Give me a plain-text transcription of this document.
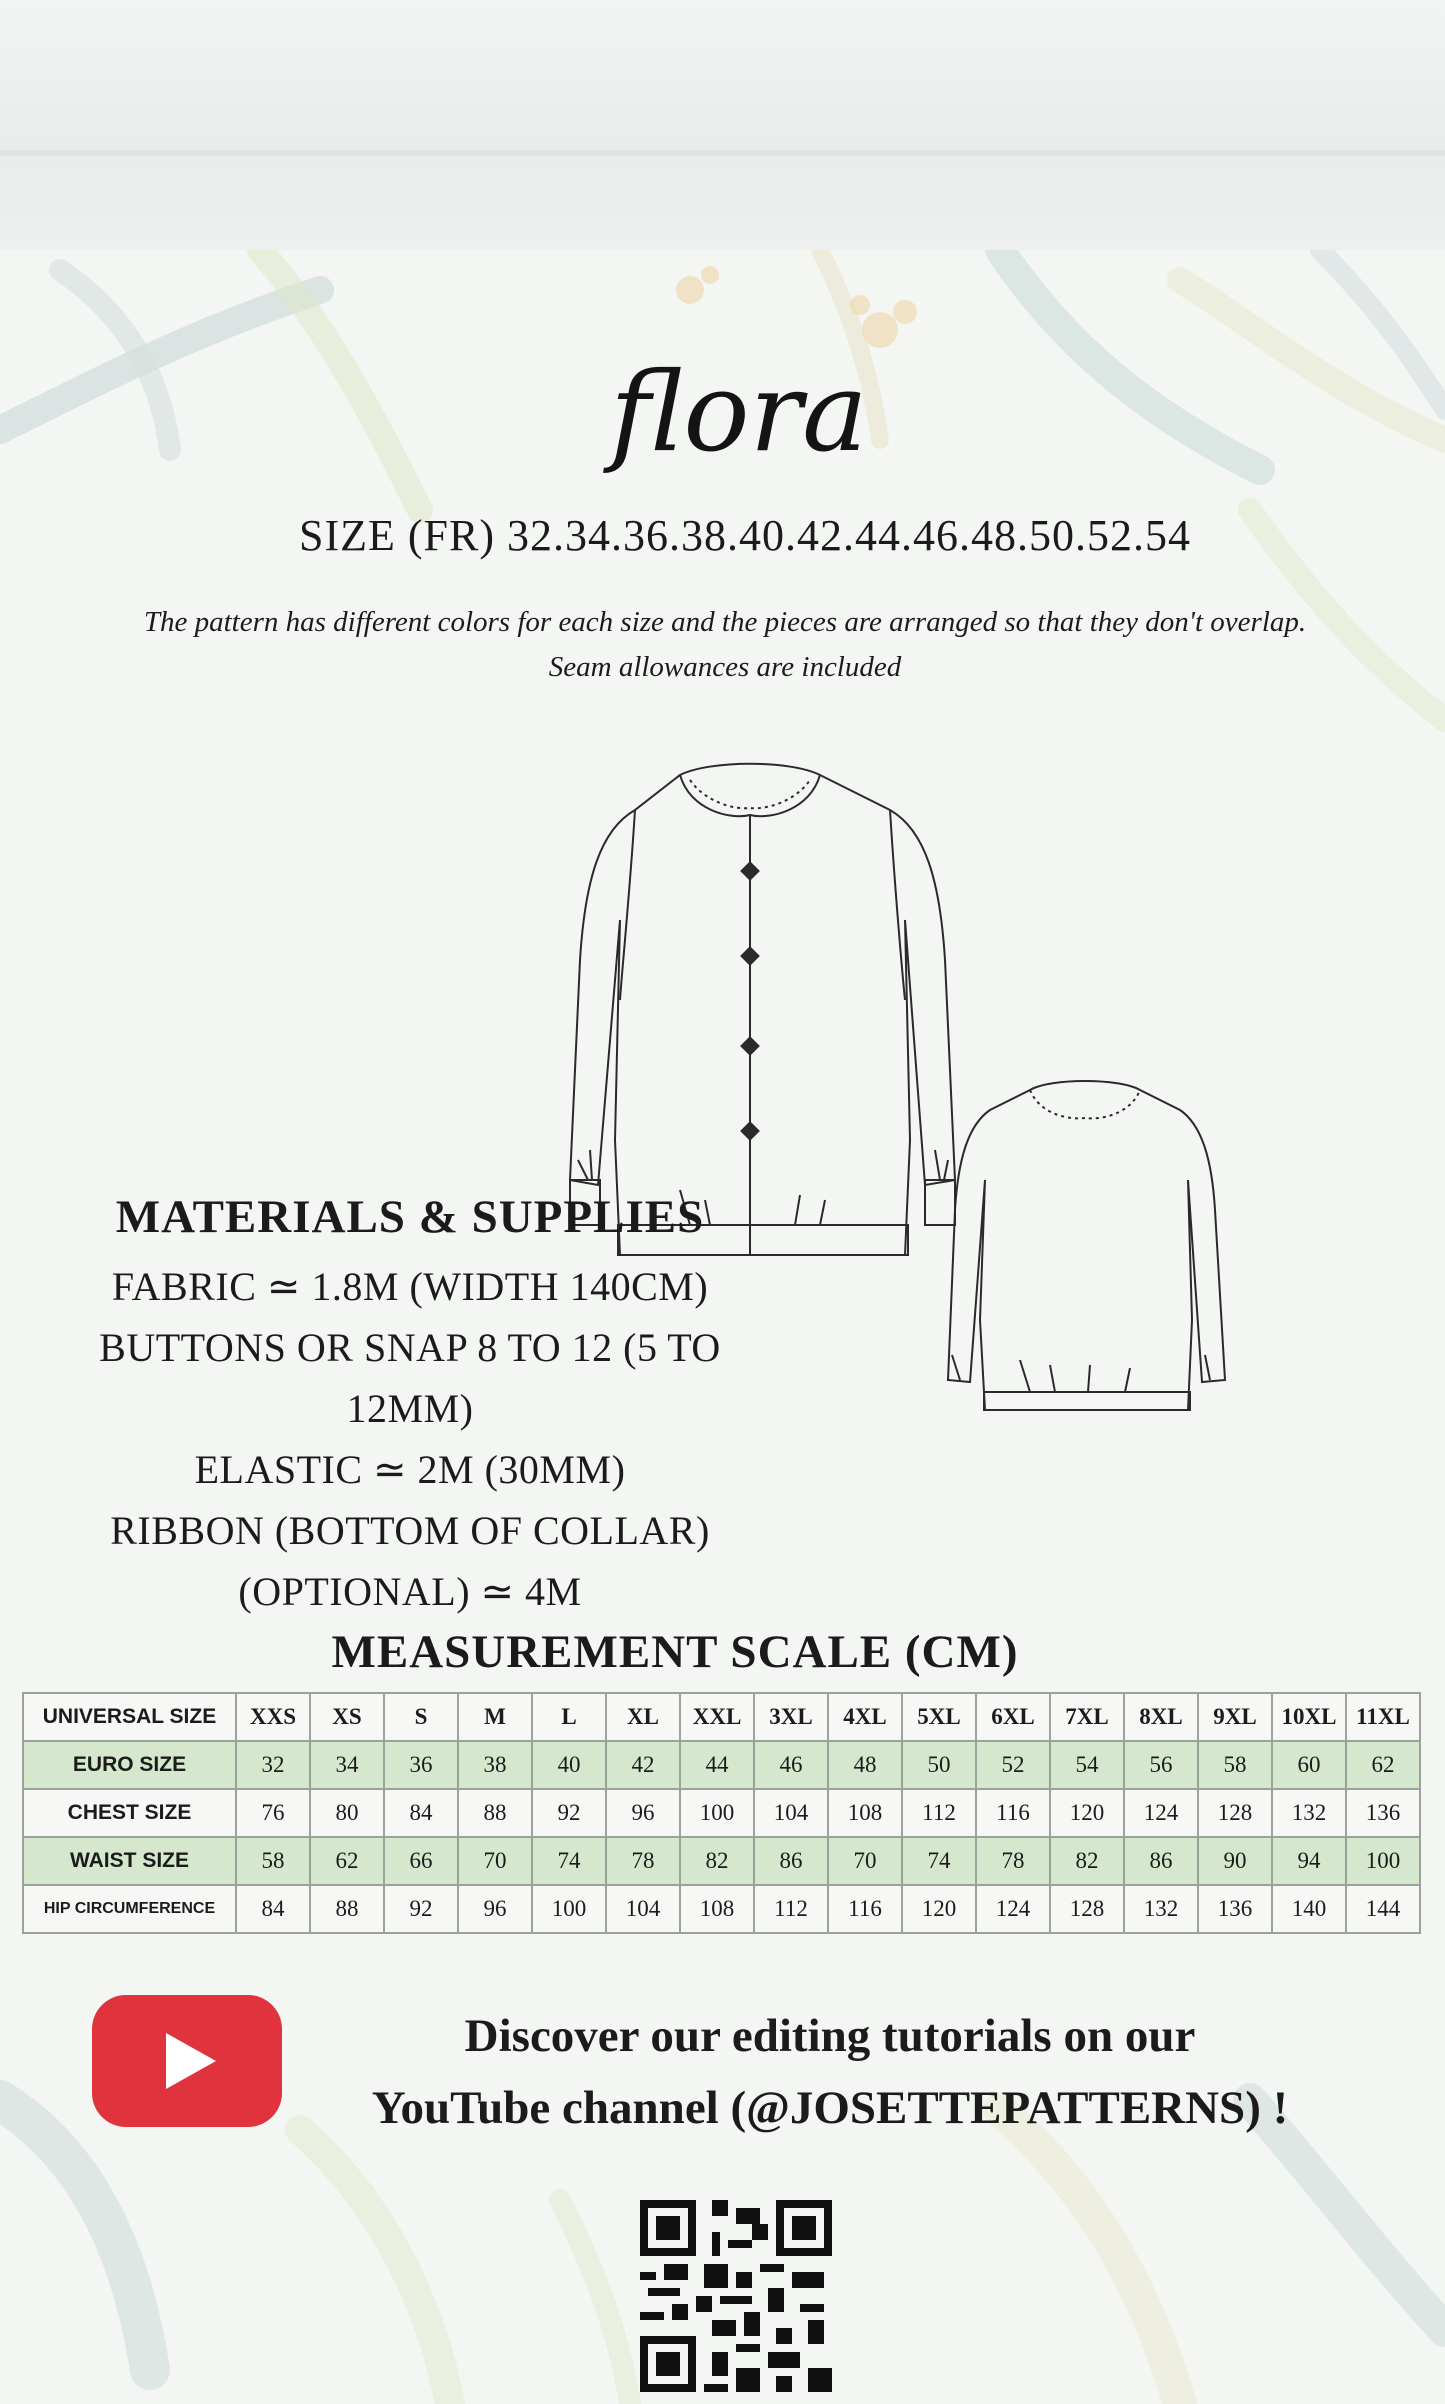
flora
SIZE (FR) 32.34.36.38.40.42.44.46.48.50.52.54
The pattern has different colors for each size and the pieces are arranged so that they don't overlap.
Seam allowances are included
MATERIALS & SUPPLIES
FABRIC ≃ 1.8M (WIDTH 140CM)
BUTTONS OR SNAP 8 TO 12 (5 TO 12MM)
ELASTIC ≃ 2M (30MM)
RIBBON (BOTTOM OF COLLAR)
(OPTIONAL) ≃ 4M
MEASUREMENT SCALE (CM)
UNIVERSAL SIZE	XXS	XS	S	M	L	XL	XXL	3XL	4XL	5XL	6XL	7XL	8XL	9XL	10XL	11XL
EURO SIZE	32	34	36	38	40	42	44	46	48	50	52	54	56	58	60	62
CHEST SIZE	76	80	84	88	92	96	100	104	108	112	116	120	124	128	132	136
WAIST SIZE	58	62	66	70	74	78	82	86	70	74	78	82	86	90	94	100
HIP CIRCUMFERENCE	84	88	92	96	100	104	108	112	116	120	124	128	132	136	140	144
Discover our editing tutorials on our
YouTube channel (@JOSETTEPATTERNS) !
